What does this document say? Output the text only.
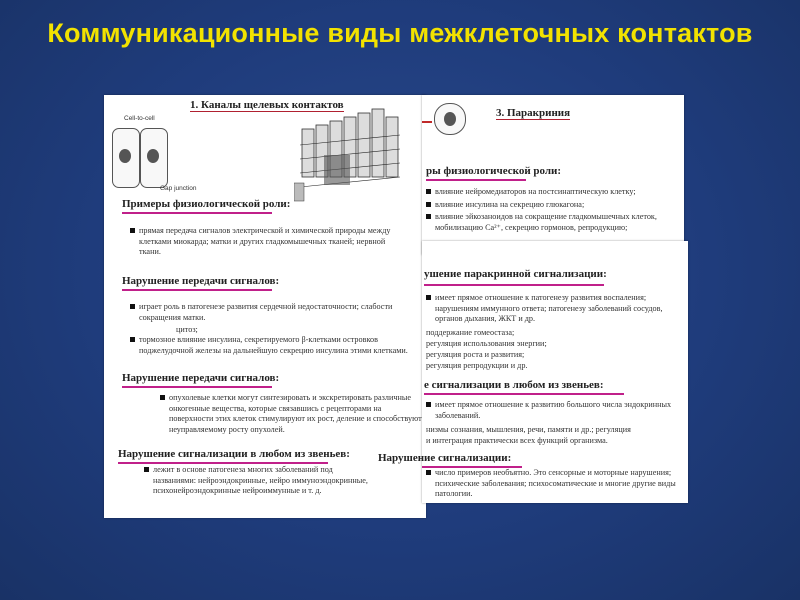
Коммуникационные виды межклеточных контактов
Cell-to-cell
Gap junction
1. Каналы щелевых контактов
Примеры физиологической роли:
прямая передача сигналов электрической и химической природы между клетками миокарда; матки и других гладкомышечных тканей; нервной ткани.
Нарушение передачи сигналов:
играет роль в патогенезе развития сердечной недостаточности; слабости сокращения матки.
цитоз;
тормозное влияние инсулина, секретируемого β-клетками островков поджелудочной железы на дальнейшую секрецию инсулина этими клетками.
Нарушение передачи сигналов:
опухолевые клетки могут синтезировать и экскретировать различные онкогенные вещества, которые связавшись с рецепторами на поверхности этих клеток стимулируют их рост, деление и способствуют неуправляемому росту опухолей.
Нарушение сигнализации в любом из звеньев:
лежит в основе патогенеза многих заболеваний под названиями: нейроэндокринные, нейро иммуноэндокринные, психонейроэндокринные нейроиммунные и т. д.
3. Паракриния
ры физиологической роли:
влияние нейромедиаторов на постсинаптическую клетку;
влияние инсулина на секрецию глюкагона;
влияние эйкозаноидов на сокращение гладкомышечных клеток, мобилизацию Ca²⁺, секрецию гормонов, репродукцию;
ушение паракринной сигнализации:
имеет прямое отношение к патогенезу развития воспаления; нарушениям иммунного ответа; патогенезу заболеваний сосудов, органов дыхания, ЖКТ и др.
поддержание гомеостаза;
регуляция использования энергии;
регуляция роста и развития;
регуляция репродукции и др.
е сигнализации в любом из звеньев:
имеет прямое отношение к развитию большого числа эндокринных заболеваний.
низмы сознания, мышления, речи, памяти и др.; регуляция
и интеграция практически всех функций организма.
Нарушение сигнализации:
число примеров необъятно. Это сенсорные и моторные нарушения; психические заболевания; психосоматические и многие другие виды патологии.
